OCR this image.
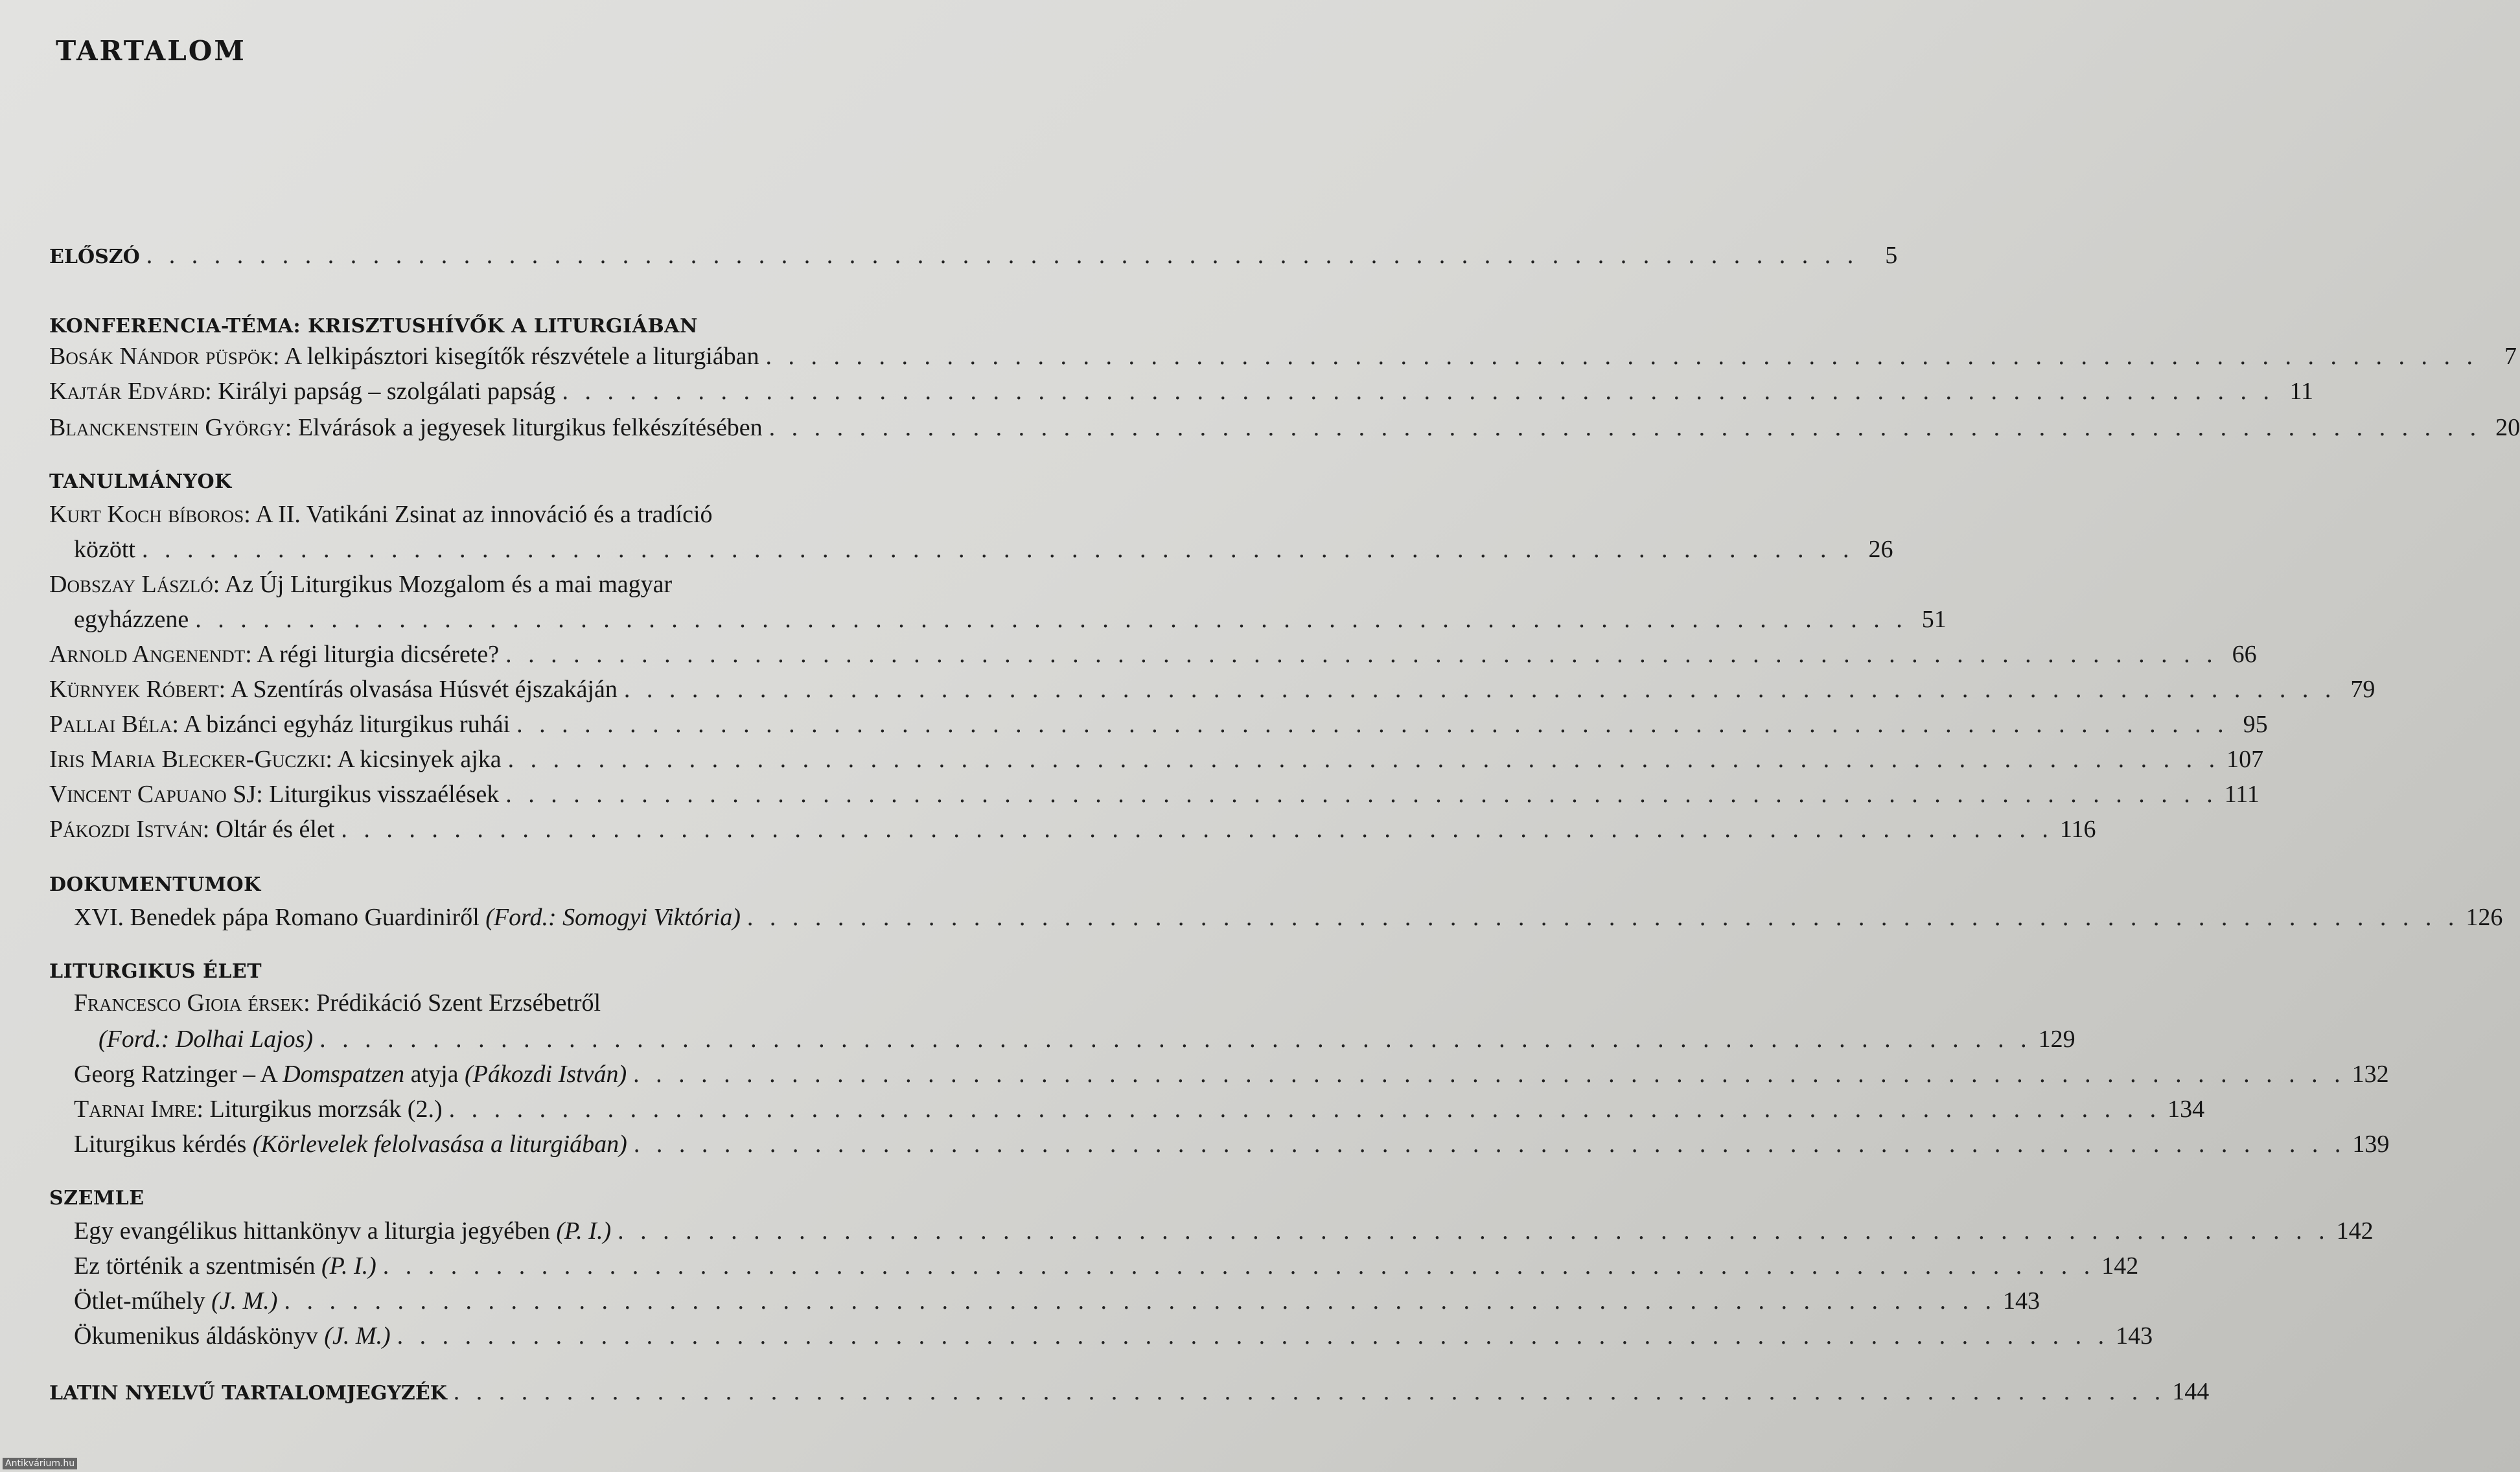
TARTALOM
ELŐSZÓ . . . . . . . . . . . . . . . . . . . . . . . . . . . . . . . . . . . . . . . . . . . . . . . . . . . . . . . . . . . . . . . . . . . . . . . . . . . .	5
KONFERENCIA-TÉMA: KRISZTUSHÍVŐK A LITURGIÁBAN
Bosák Nándor püspök: A lelkipásztori kisegítők részvétele a liturgiában . . . . . . . . . . . . . . . . . . . . . . . . . . . . . . . . . . . . . . . . . . . . . . . . . . . . . . . . . . . . . . . . . . . . . . . . . . . .	7
Kajtár Edvárd: Királyi papság – szolgálati papság . . . . . . . . . . . . . . . . . . . . . . . . . . . . . . . . . . . . . . . . . . . . . . . . . . . . . . . . . . . . . . . . . . . . . . . . . . . . 11
Blanckenstein György: Elvárások a jegyesek liturgikus felkészítésében . . . . . . . . . . . . . . . . . . . . . . . . . . . . . . . . . . . . . . . . . . . . . . . . . . . . . . . . . . . . . . . . . . . . . . . . . . . . 20
TANULMÁNYOK
Kurt Koch bíboros: A II. Vatikáni Zsinat az innováció és a tradíció
között . . . . . . . . . . . . . . . . . . . . . . . . . . . . . . . . . . . . . . . . . . . . . . . . . . . . . . . . . . . . . . . . . . . . . . . . . . . . 26
Dobszay László: Az Új Liturgikus Mozgalom és a mai magyar
egyházzene . . . . . . . . . . . . . . . . . . . . . . . . . . . . . . . . . . . . . . . . . . . . . . . . . . . . . . . . . . . . . . . . . . . . . . . . . . . . 51
Arnold Angenendt: A régi liturgia dicsérete? . . . . . . . . . . . . . . . . . . . . . . . . . . . . . . . . . . . . . . . . . . . . . . . . . . . . . . . . . . . . . . . . . . . . . . . . . . . . 66
Kürnyek Róbert: A Szentírás olvasása Húsvét éjszakáján . . . . . . . . . . . . . . . . . . . . . . . . . . . . . . . . . . . . . . . . . . . . . . . . . . . . . . . . . . . . . . . . . . . . . . . . . . . . 79
Pallai Béla: A bizánci egyház liturgikus ruhái . . . . . . . . . . . . . . . . . . . . . . . . . . . . . . . . . . . . . . . . . . . . . . . . . . . . . . . . . . . . . . . . . . . . . . . . . . . . 95
Iris Maria Blecker-Guczki: A kicsinyek ajka . . . . . . . . . . . . . . . . . . . . . . . . . . . . . . . . . . . . . . . . . . . . . . . . . . . . . . . . . . . . . . . . . . . . . . . . . . . . 107
Vincent Capuano SJ: Liturgikus visszaélések . . . . . . . . . . . . . . . . . . . . . . . . . . . . . . . . . . . . . . . . . . . . . . . . . . . . . . . . . . . . . . . . . . . . . . . . . . . . 111
Pákozdi István: Oltár és élet . . . . . . . . . . . . . . . . . . . . . . . . . . . . . . . . . . . . . . . . . . . . . . . . . . . . . . . . . . . . . . . . . . . . . . . . . . . . 116
DOKUMENTUMOK
XVI. Benedek pápa Romano Guardiniről (Ford.: Somogyi Viktória) . . . . . . . . . . . . . . . . . . . . . . . . . . . . . . . . . . . . . . . . . . . . . . . . . . . . . . . . . . . . . . . . . . . . . . . . . . . . 126
LITURGIKUS ÉLET
Francesco Gioia érsek: Prédikáció Szent Erzsébetről
(Ford.: Dolhai Lajos) . . . . . . . . . . . . . . . . . . . . . . . . . . . . . . . . . . . . . . . . . . . . . . . . . . . . . . . . . . . . . . . . . . . . . . . . . . . . 129
Georg Ratzinger – A Domspatzen atyja (Pákozdi István) . . . . . . . . . . . . . . . . . . . . . . . . . . . . . . . . . . . . . . . . . . . . . . . . . . . . . . . . . . . . . . . . . . . . . . . . . . . . 132
Tarnai Imre: Liturgikus morzsák (2.) . . . . . . . . . . . . . . . . . . . . . . . . . . . . . . . . . . . . . . . . . . . . . . . . . . . . . . . . . . . . . . . . . . . . . . . . . . . . 134
Liturgikus kérdés (Körlevelek felolvasása a liturgiában) . . . . . . . . . . . . . . . . . . . . . . . . . . . . . . . . . . . . . . . . . . . . . . . . . . . . . . . . . . . . . . . . . . . . . . . . . . . . 139
SZEMLE
Egy evangélikus hittankönyv a liturgia jegyében (P. I.) . . . . . . . . . . . . . . . . . . . . . . . . . . . . . . . . . . . . . . . . . . . . . . . . . . . . . . . . . . . . . . . . . . . . . . . . . . . . 142
Ez történik a szentmisén (P. I.) . . . . . . . . . . . . . . . . . . . . . . . . . . . . . . . . . . . . . . . . . . . . . . . . . . . . . . . . . . . . . . . . . . . . . . . . . . . . 142
Ötlet-műhely (J. M.) . . . . . . . . . . . . . . . . . . . . . . . . . . . . . . . . . . . . . . . . . . . . . . . . . . . . . . . . . . . . . . . . . . . . . . . . . . . . 143
Ökumenikus áldáskönyv (J. M.) . . . . . . . . . . . . . . . . . . . . . . . . . . . . . . . . . . . . . . . . . . . . . . . . . . . . . . . . . . . . . . . . . . . . . . . . . . . . 143
LATIN NYELVŰ TARTALOMJEGYZÉK . . . . . . . . . . . . . . . . . . . . . . . . . . . . . . . . . . . . . . . . . . . . . . . . . . . . . . . . . . . . . . . . . . . . . . . . . . . . 144
Antikvárium.hu
